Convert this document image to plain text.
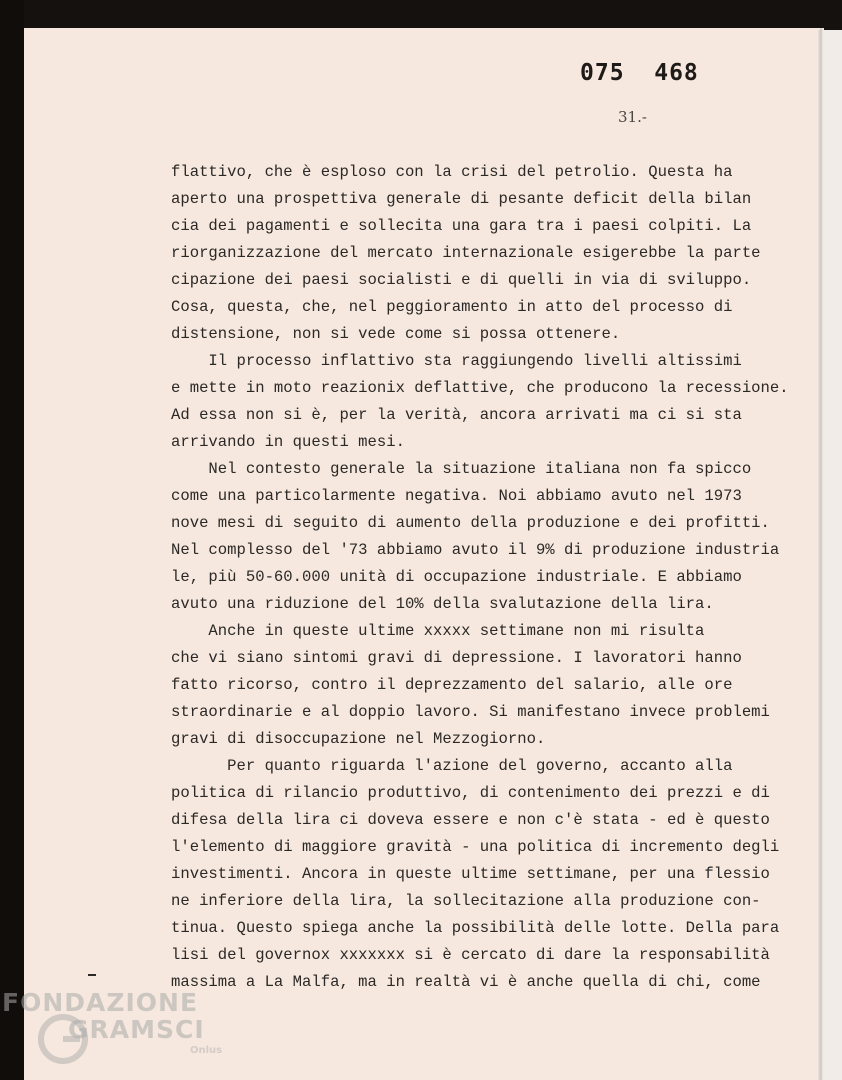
075  468
31.-
flattivo, che è esploso con la crisi del petrolio. Questa ha
aperto una prospettiva generale di pesante deficit della bilan
cia dei pagamenti e sollecita una gara tra i paesi colpiti. La
riorganizzazione del mercato internazionale esigerebbe la parte
cipazione dei paesi socialisti e di quelli in via di sviluppo.
Cosa, questa, che, nel peggioramento in atto del processo di
distensione, non si vede come si possa ottenere.
Il processo inflattivo sta raggiungendo livelli altissimi
e mette in moto reazionix deflattive, che producono la recessione.
Ad essa non si è, per la verità, ancora arrivati ma ci si sta
arrivando in questi mesi.
Nel contesto generale la situazione italiana non fa spicco
come una particolarmente negativa. Noi abbiamo avuto nel 1973
nove mesi di seguito di aumento della produzione e dei profitti.
Nel complesso del '73 abbiamo avuto il 9% di produzione industria
le, più 50-60.000 unità di occupazione industriale. E abbiamo
avuto una riduzione del 10% della svalutazione della lira.
Anche in queste ultime xxxxx settimane non mi risulta
che vi siano sintomi gravi di depressione. I lavoratori hanno
fatto ricorso, contro il deprezzamento del salario, alle ore
straordinarie e al doppio lavoro. Si manifestano invece problemi
gravi di disoccupazione nel Mezzogiorno.
Per quanto riguarda l'azione del governo, accanto alla
politica di rilancio produttivo, di contenimento dei prezzi e di
difesa della lira ci doveva essere e non c'è stata - ed è questo
l'elemento di maggiore gravità - una politica di incremento degli
investimenti. Ancora in queste ultime settimane, per una flessio
ne inferiore della lira, la sollecitazione alla produzione con-
tinua. Questo spiega anche la possibilità delle lotte. Della para
lisi del governox xxxxxxx si è cercato di dare la responsabilità
massima a La Malfa, ma in realtà vi è anche quella di chi, come
FONDAZIONE
GRAMSCI
Onlus
